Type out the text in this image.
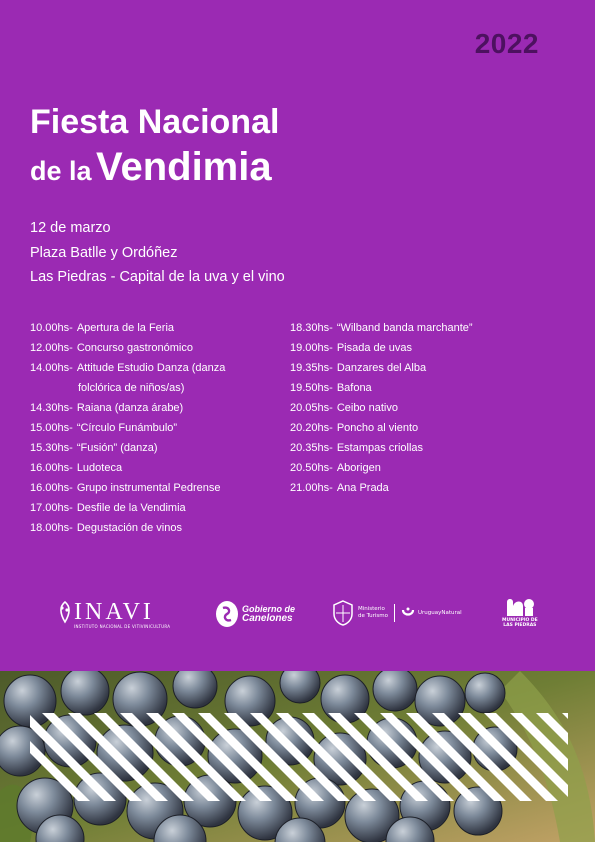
2022
Fiesta Nacional
de la Vendimia
12 de marzo
Plaza Batlle y Ordóñez
Las Piedras - Capital de la uva y el vino
10.00hs- Apertura de la Feria
12.00hs- Concurso gastronómico
14.00hs- Attitude Estudio Danza (danza
folclórica de niños/as)
14.30hs- Raiana (danza árabe)
15.00hs- “Círculo Funámbulo”
15.30hs- “Fusión” (danza)
16.00hs- Ludoteca
16.00hs- Grupo instrumental Pedrense
17.00hs- Desfile de la Vendimia
18.00hs- Degustación de vinos
18.30hs- “Wilband banda marchante”
19.00hs- Pisada de uvas
19.35hs- Danzares del Alba
19.50hs- Bafona
20.05hs- Ceibo nativo
20.20hs- Poncho al viento
20.35hs- Estampas criollas
20.50hs- Aborigen
21.00hs- Ana Prada
INAVI
INSTITUTO NACIONAL DE VITIVINICULTURA
Gobierno de
Canelones
Ministerio
de Turismo	UruguayNatural
MUNICIPIO DE
LAS PIEDRAS
